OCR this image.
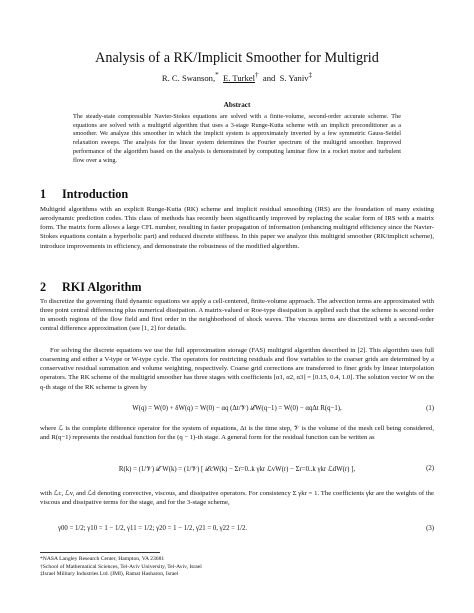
Analysis of a RK/Implicit Smoother for Multigrid
R. C. Swanson,* E. Turkel† and S. Yaniv‡
Abstract
The steady-state compressible Navier-Stokes equations are solved with a finite-volume, second-order accurate scheme. The equations are solved with a multigrid algorithm that uses a 3-stage Runge-Kutta scheme with an implicit preconditioner as a smoother. We analyze this smoother in which the implicit system is approximately inverted by a few symmetric Gauss-Seidel relaxation sweeps. The analysis for the linear system determines the Fourier spectrum of the multigrid smoother. Improved performance of the algorithm based on the analysis is demonstrated by computing laminar flow in a rocket motor and turbulent flow over a wing.
1 Introduction
Multigrid algorithms with an explicit Runge-Kutta (RK) scheme and implicit residual smoothing (IRS) are the foundation of many existing aerodynamic prediction codes. This class of methods has recently been significantly improved by replacing the scalar form of IRS with a matrix form. The matrix form allows a large CFL number, resulting in faster propagation of information (enhancing multigrid efficiency since the Navier-Stokes equations contain a hyperbolic part) and reduced discrete stiffness. In this paper we analyze this multigrid smoother (RK/implicit scheme), introduce improvements in efficiency, and demonstrate the robustness of the modified algorithm.
2 RKI Algorithm
To discretize the governing fluid dynamic equations we apply a cell-centered, finite-volume approach. The advection terms are approximated with three point central differencing plus numerical dissipation. A matrix-valued or Roe-type dissipation is applied such that the scheme is second order in smooth regions of the flow field and first order in the neighborhood of shock waves. The viscous terms are discretized with a second-order central difference approximation (see [1, 2] for details.
For solving the discrete equations we use the full approximation storage (FAS) multigrid algorithm described in [2]. This algorithm uses full coarsening and either a V-type or W-type cycle. The operators for restricting residuals and flow variables to the coarser grids are determined by a conservative residual summation and volume weighting, respectively. Coarse grid corrections are transferred to finer grids by linear interpolation operators. The RK scheme of the multigrid smoother has three stages with coefficients [α1, α2, α3] = [0.15, 0.4, 1.0]. The solution vector W on the q-th stage of the RK scheme is given by
W(q) = W(0) + δW(q) = W(0) − αq (Δt/𝒱) ℒW(q−1) = W(0) − αqΔt R(q−1),	(1)
where ℒ is the complete difference operator for the system of equations, Δt is the time step, 𝒱 is the volume of the mesh cell being considered, and R(q−1) represents the residual function for the (q − 1)-th stage. A general form for the residual function can be written as
R(k) = (1/𝒱) ℒ W(k) = (1/𝒱) [ ℒcW(k) − Σr=0..k γkr ℒvW(r) − Σr=0..k γkr ℒdW(r) ],	(2)
with ℒc, ℒv, and ℒd denoting convective, viscous, and dissipative operators. For consistency Σ γkr = 1. The coefficients γkr are the weights of the viscous and dissipative terms for the stage, and for the 3-stage scheme,
γ00 = 1/2; γ10 = 1 − 1/2, γ11 = 1/2; γ20 = 1 − 1/2, γ21 = 0, γ22 = 1/2.	(3)
*NASA Langley Research Center, Hampton, VA 23681
†School of Mathematical Sciences, Tel-Aviv University, Tel-Aviv, Israel
‡Israel Military Industries Ltd. (IMI), Ramat Hasharon, Israel
